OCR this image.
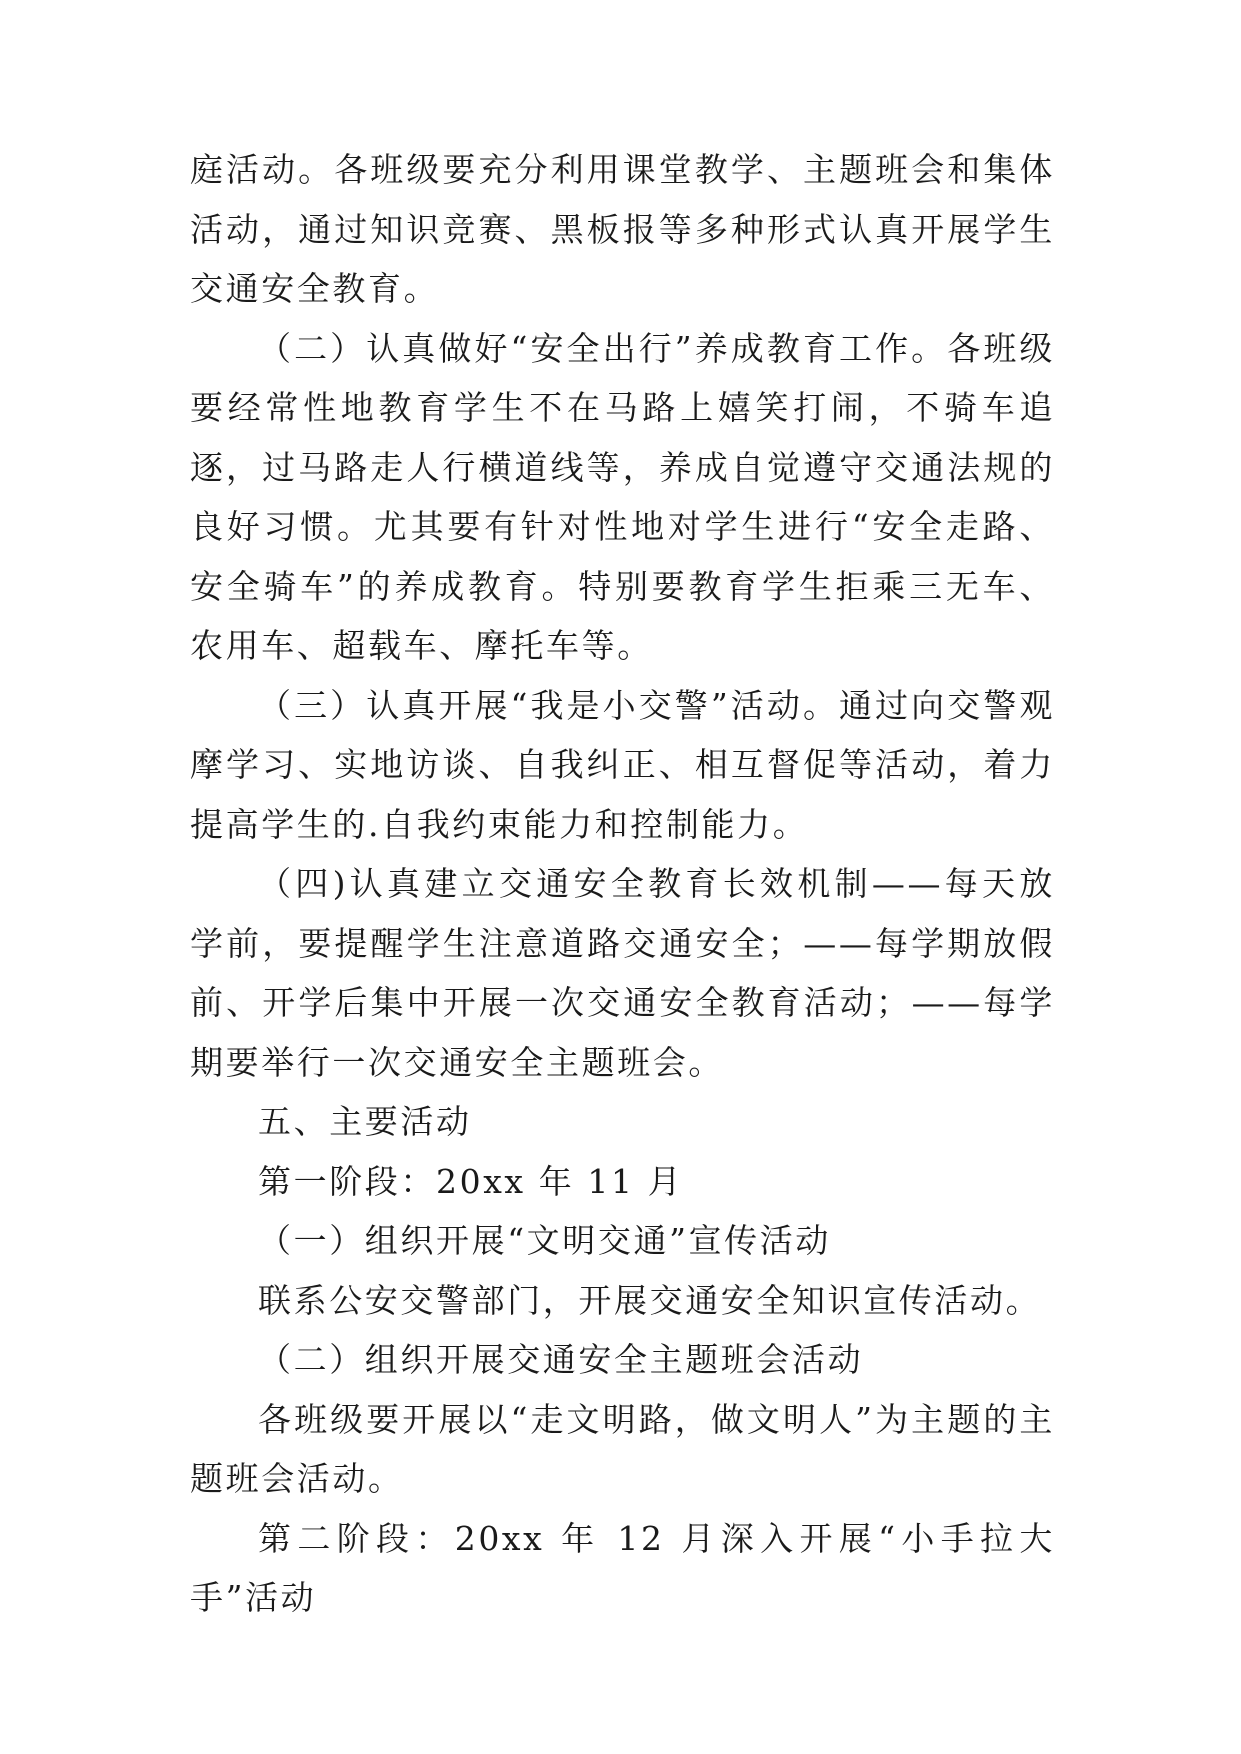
庭活动。各班级要充分利用课堂教学、主题班会和集体活动，通过知识竞赛、黑板报等多种形式认真开展学生交通安全教育。

（二）认真做好“安全出行”养成教育工作。各班级要经常性地教育学生不在马路上嬉笑打闹，不骑车追逐，过马路走人行横道线等，养成自觉遵守交通法规的良好习惯。尤其要有针对性地对学生进行“安全走路、安全骑车”的养成教育。特别要教育学生拒乘三无车、农用车、超载车、摩托车等。

（三）认真开展“我是小交警”活动。通过向交警观摩学习、实地访谈、自我纠正、相互督促等活动，着力提高学生的.自我约束能力和控制能力。

（四)认真建立交通安全教育长效机制——每天放学前，要提醒学生注意道路交通安全；——每学期放假前、开学后集中开展一次交通安全教育活动；——每学期要举行一次交通安全主题班会。

五、主要活动

第一阶段：20xx 年 11 月

（一）组织开展“文明交通”宣传活动

联系公安交警部门，开展交通安全知识宣传活动。

（二）组织开展交通安全主题班会活动

各班级要开展以“走文明路，做文明人”为主题的主题班会活动。

第二阶段：20xx 年 12 月深入开展“小手拉大手”活动
